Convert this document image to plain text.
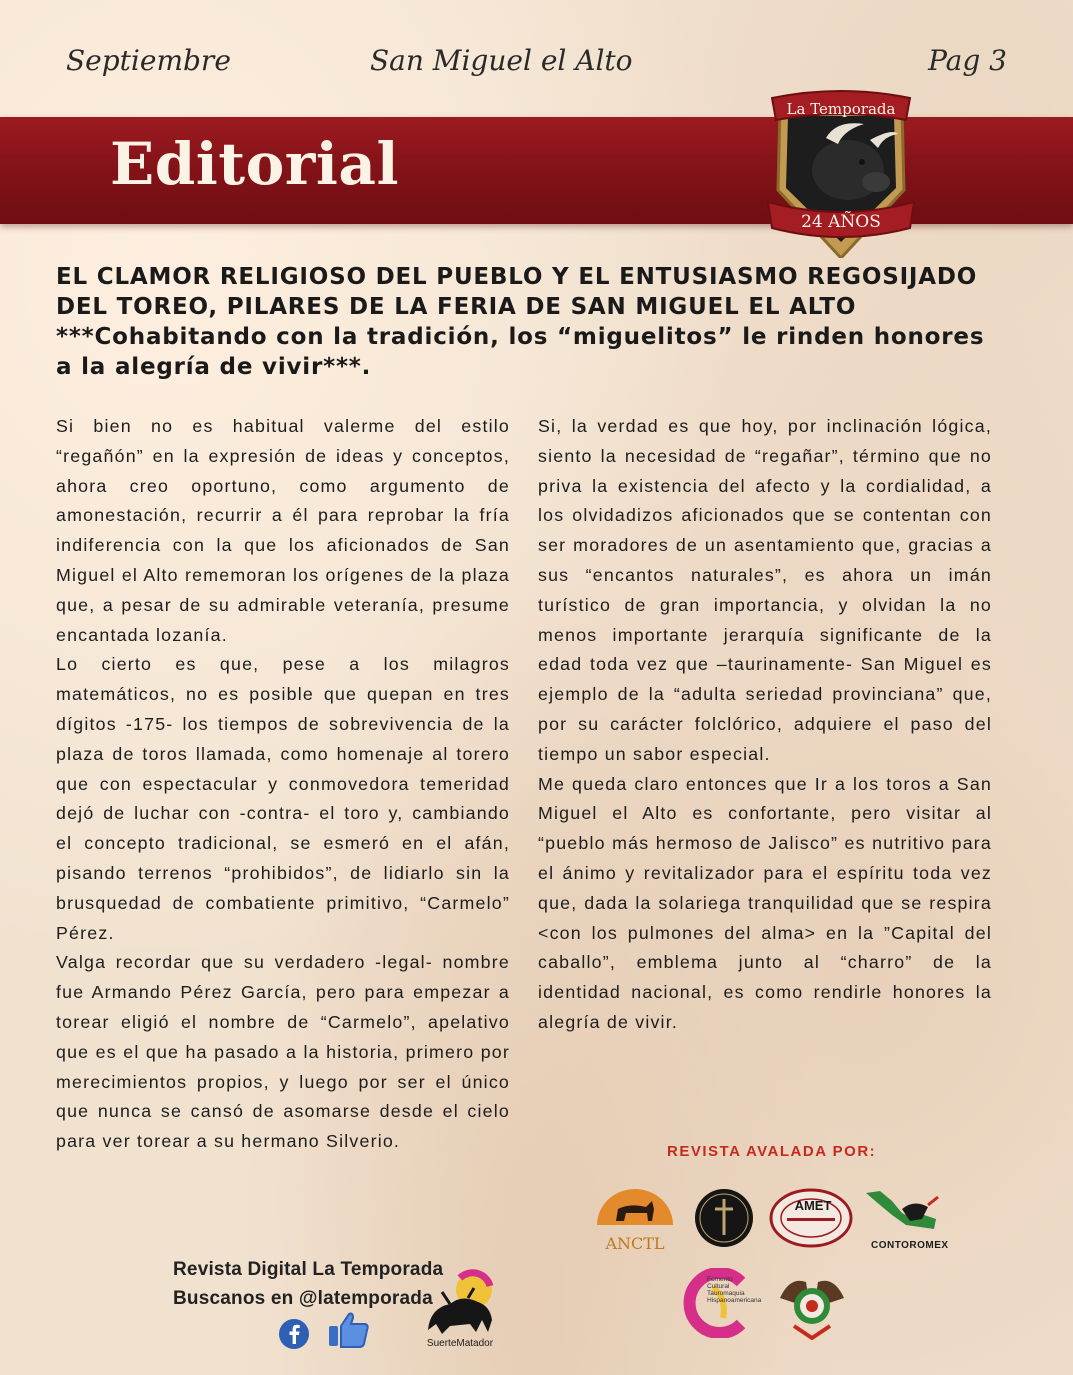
Septiembre	San Miguel el Alto	Pag 3
Editorial
La Temporada
24 AÑOS
EL CLAMOR RELIGIOSO DEL PUEBLO Y EL ENTUSIASMO REGOSIJADO
DEL TOREO, PILARES DE LA FERIA DE SAN MIGUEL EL ALTO
***Cohabitando con la tradición, los “miguelitos” le rinden honores
a la alegría de vivir***.

Si bien no es habitual valerme del estilo “regañón” en la expresión de ideas y conceptos, ahora creo oportuno, como argumento de amonestación, recurrir a él para reprobar la fría indiferencia con la que los aficionados de San Miguel el Alto rememoran los orígenes de la plaza que, a pesar de su admirable veteranía, presume encantada lozanía.

Lo cierto es que, pese a los milagros matemáticos, no es posible que quepan en tres dígitos -175- los tiempos de sobrevivencia de la plaza de toros llamada, como homenaje al torero que con espectacular y conmovedora temeridad dejó de luchar con -contra- el toro y, cambiando el concepto tradicional, se esmeró en el afán, pisando terrenos “prohibidos”, de lidiarlo sin la brusquedad de combatiente primitivo, “Carmelo” Pérez.

Valga recordar que su verdadero -legal- nombre fue Armando Pérez García, pero para empezar a torear eligió el nombre de “Carmelo”, apelativo que es el que ha pasado a la historia, primero por merecimientos propios, y luego por ser el único que nunca se cansó de asomarse desde el cielo para ver torear a su hermano Silverio.

Si, la verdad es que hoy, por inclinación lógica, siento la necesidad de “regañar”, término que no priva la existencia del afecto y la cordialidad, a los olvidadizos aficionados que se contentan con ser moradores de un asentamiento que, gracias a sus “encantos naturales”, es ahora un imán turístico de gran importancia, y olvidan la no menos importante jerarquía significante de la edad toda vez que –taurinamente- San Miguel es ejemplo de la “adulta seriedad provinciana” que, por su carácter folclórico, adquiere el paso del tiempo un sabor especial.

Me queda claro entonces que Ir a los toros a San Miguel el Alto es confortante, pero visitar al “pueblo más hermoso de Jalisco” es nutritivo para el ánimo y revitalizador para el espíritu toda vez que, dada la solariega tranquilidad que se respira <con los pulmones del alma> en la ”Capital del caballo”, emblema junto al “charro” de la identidad nacional, es como rendirle honores la alegría de vivir.

REVISTA AVALADA POR:
ANCTL
AMET
CONTOROMEX
Fomento Cultural Tauromaquia Hispanoamericana
Revista Digital La Temporada
Buscanos en @latemporada
SuerteMatador
